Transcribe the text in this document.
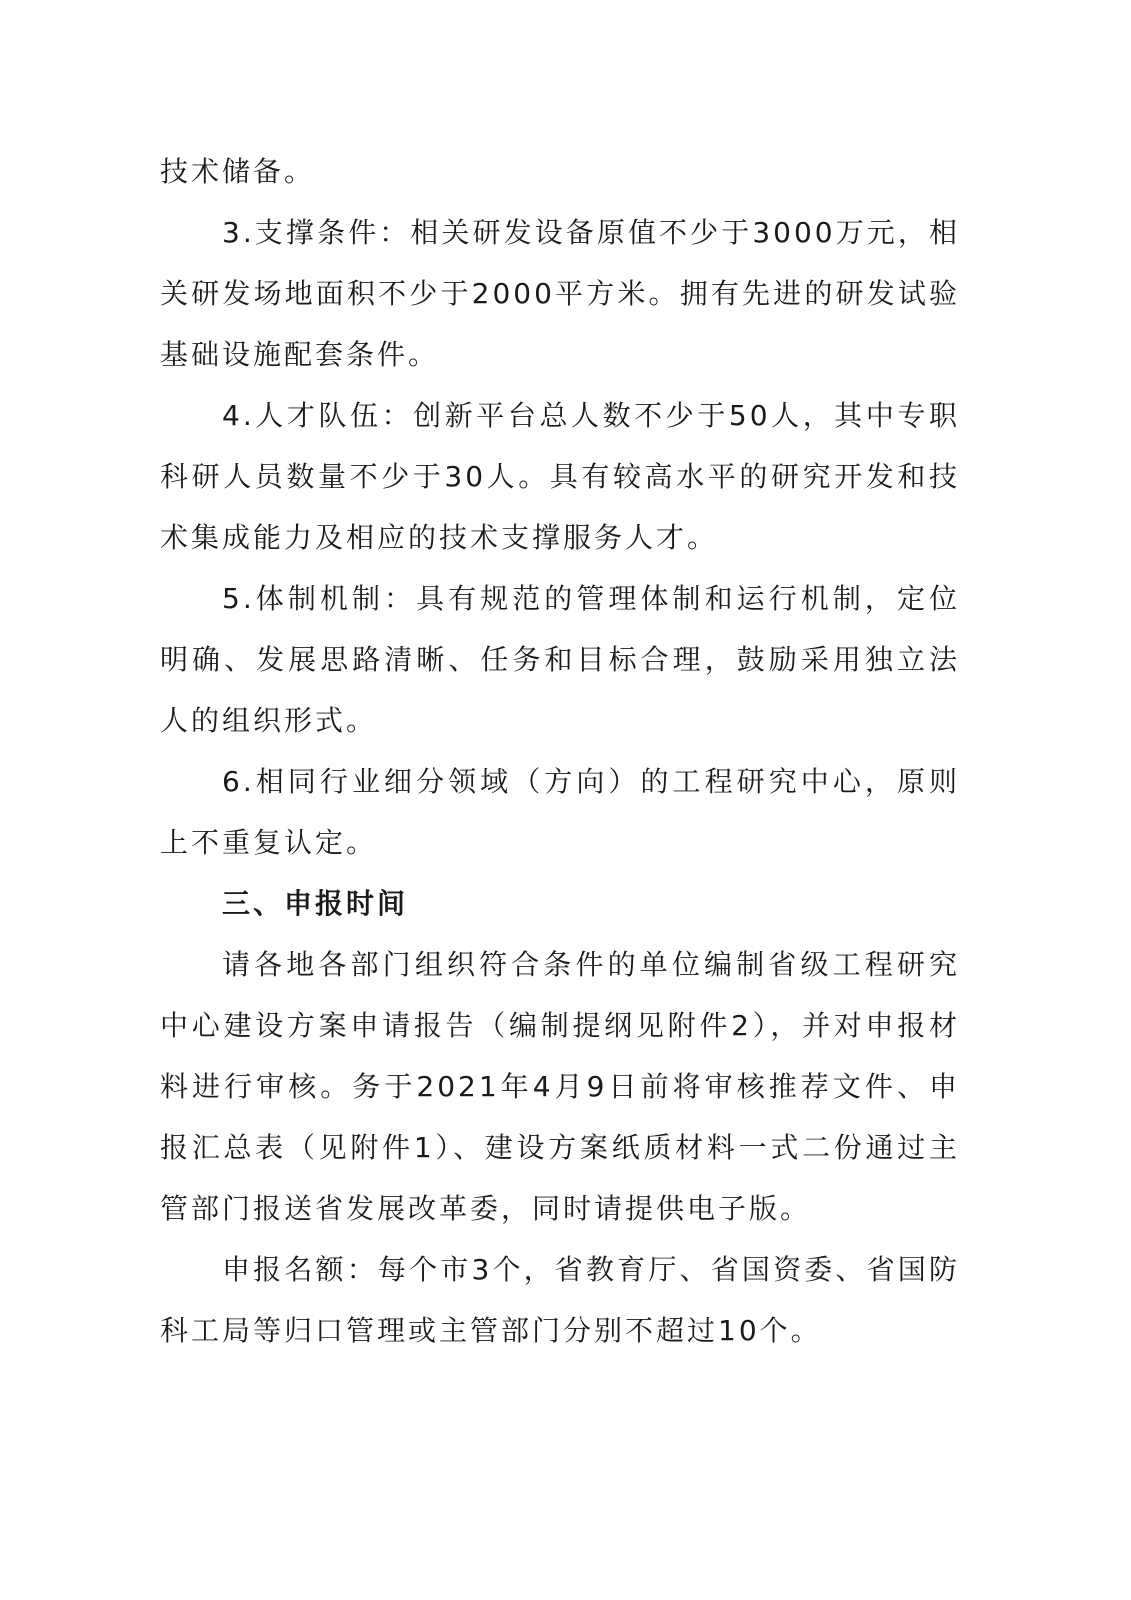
技术储备。

3.支撑条件：相关研发设备原值不少于3000万元，相关研发场地面积不少于2000平方米。拥有先进的研发试验基础设施配套条件。

4.人才队伍：创新平台总人数不少于50人，其中专职科研人员数量不少于30人。具有较高水平的研究开发和技术集成能力及相应的技术支撑服务人才。

5.体制机制：具有规范的管理体制和运行机制，定位明确、发展思路清晰、任务和目标合理，鼓励采用独立法人的组织形式。

6.相同行业细分领域（方向）的工程研究中心，原则上不重复认定。

三、申报时间

请各地各部门组织符合条件的单位编制省级工程研究中心建设方案申请报告（编制提纲见附件2），并对申报材料进行审核。务于2021年4月9日前将审核推荐文件、申报汇总表（见附件1）、建设方案纸质材料一式二份通过主管部门报送省发展改革委，同时请提供电子版。

申报名额：每个市3个，省教育厅、省国资委、省国防科工局等归口管理或主管部门分别不超过10个。
